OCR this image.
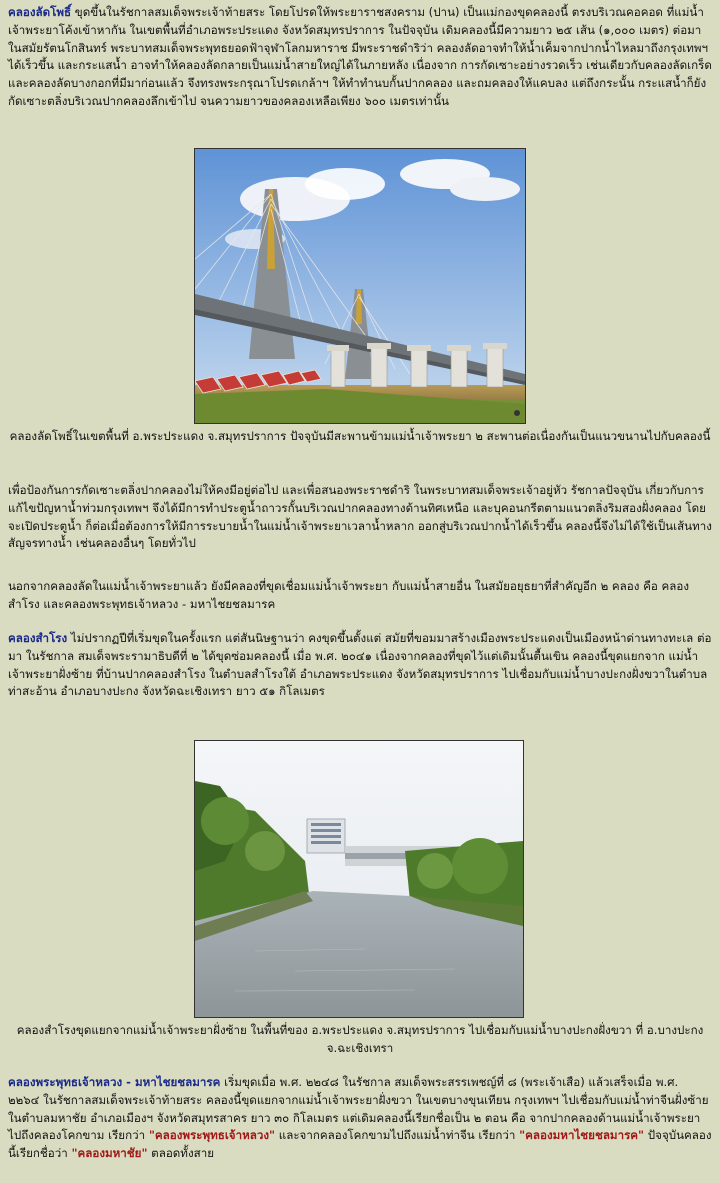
คลองลัดโพธิ์ ขุดขึ้นในรัชกาลสมเด็จพระเจ้าท้ายสระ โดยโปรดให้พระยาราชสงคราม (ปาน) เป็นแม่กองขุดคลองนี้ ตรงบริเวณคอคอด ที่แม่น้ำเจ้าพระยาโค้งเข้าหากัน ในเขตพื้นที่อำเภอพระประแดง จังหวัดสมุทรปราการ ในปัจจุบัน เดิมคลองนี้มีความยาว ๒๕ เส้น (๑,๐๐๐ เมตร) ต่อมา ในสมัยรัตนโกสินทร์ พระบาทสมเด็จพระพุทธยอดฟ้าจุฬาโลกมหาราช มีพระราชดำริว่า คลองลัดอาจทำให้น้ำเค็มจากปากน้ำไหลมาถึงกรุงเทพฯ ได้เร็วขึ้น และกระแสน้ำ อาจทำให้คลองลัดกลายเป็นแม่น้ำสายใหญ่ได้ในภายหลัง เนื่องจาก การกัดเซาะอย่างรวดเร็ว เช่นเดียวกับคลองลัดเกร็ด และคลองลัดบางกอกที่มีมาก่อนแล้ว จึงทรงพระกรุณาโปรดเกล้าฯ ให้ทำทำนบกั้นปากคลอง และถมคลองให้แคบลง แต่ถึงกระนั้น กระแสน้ำก็ยังกัดเซาะตลิ่งบริเวณปากคลองลึกเข้าไป จนความยาวของคลองเหลือเพียง ๖๐๐ เมตรเท่านั้น

คลองลัดโพธิ์ในเขตพื้นที่ อ.พระประแดง จ.สมุทรปราการ ปัจจุบันมีสะพานข้ามแม่น้ำเจ้าพระยา ๒ สะพานต่อเนื่องกันเป็นแนวขนานไปกับคลองนี้

เพื่อป้องกันการกัดเซาะตลิ่งปากคลองไม่ให้คงมีอยู่ต่อไป และเพื่อสนองพระราชดำริ ในพระบาทสมเด็จพระเจ้าอยู่หัว รัชกาลปัจจุบัน เกี่ยวกับการแก้ไขปัญหาน้ำท่วมกรุงเทพฯ จึงได้มีการทำประตูน้ำถาวรกั้นบริเวณปากคลองทางด้านทิศเหนือ และบุคอนกรีตตามแนวตลิ่งริมสองฝั่งคลอง โดยจะเปิดประตูน้ำ ก็ต่อเมื่อต้องการให้มีการระบายน้ำในแม่น้ำเจ้าพระยาเวลาน้ำหลาก ออกสู่บริเวณปากน้ำได้เร็วขึ้น คลองนี้จึงไม่ได้ใช้เป็นเส้นทางสัญจรทางน้ำ เช่นคลองอื่นๆ โดยทั่วไป

นอกจากคลองลัดในแม่น้ำเจ้าพระยาแล้ว ยังมีคลองที่ขุดเชื่อมแม่น้ำเจ้าพระยา กับแม่น้ำสายอื่น ในสมัยอยุธยาที่สำคัญอีก ๒ คลอง คือ คลองสำโรง และคลองพระพุทธเจ้าหลวง - มหาไชยชลมารค

คลองสำโรง ไม่ปรากฏปีที่เริ่มขุดในครั้งแรก แต่สันนิษฐานว่า คงขุดขึ้นตั้งแต่ สมัยที่ขอมมาสร้างเมืองพระประแดงเป็นเมืองหน้าด่านทางทะเล ต่อมา ในรัชกาล สมเด็จพระรามาธิบดีที่ ๒ ได้ขุดซ่อมคลองนี้ เมื่อ พ.ศ. ๒๐๔๑ เนื่องจากคลองที่ขุดไว้แต่เดิมนั้นตื้นเขิน คลองนี้ขุดแยกจาก แม่น้ำเจ้าพระยาฝั่งซ้าย ที่บ้านปากคลองสำโรง ในตำบลสำโรงใต้ อำเภอพระประแดง จังหวัดสมุทรปราการ ไปเชื่อมกับแม่น้ำบางปะกงฝั่งขวาในตำบลท่าสะอ้าน อำเภอบางปะกง จังหวัดฉะเชิงเทรา ยาว ๕๑ กิโลเมตร

คลองสำโรงขุดแยกจากแม่น้ำเจ้าพระยาฝั่งซ้าย ในพื้นที่ของ อ.พระประแดง จ.สมุทรปราการ ไปเชื่อมกับแม่น้ำบางปะกงฝั่งขวา ที่ อ.บางปะกง จ.ฉะเชิงเทรา

คลองพระพุทธเจ้าหลวง - มหาไชยชลมารค เริ่มขุดเมื่อ พ.ศ. ๒๒๔๘ ในรัชกาล สมเด็จพระสรรเพชญ์ที่ ๘ (พระเจ้าเสือ) แล้วเสร็จเมื่อ พ.ศ. ๒๒๖๔ ในรัชกาลสมเด็จพระเจ้าท้ายสระ คลองนี้ขุดแยกจากแม่น้ำเจ้าพระยาฝั่งขวา ในเขตบางขุนเทียน กรุงเทพฯ ไปเชื่อมกับแม่น้ำท่าจีนฝั่งซ้าย ในตำบลมหาชัย อำเภอเมืองฯ จังหวัดสมุทรสาคร ยาว ๓๐ กิโลเมตร แต่เดิมคลองนี้เรียกชื่อเป็น ๒ ตอน คือ จากปากคลองด้านแม่น้ำเจ้าพระยาไปถึงคลองโคกขาม เรียกว่า "คลองพระพุทธเจ้าหลวง" และจากคลองโคกขามไปถึงแม่น้ำท่าจีน เรียกว่า "คลองมหาไชยชลมารค" ปัจจุบันคลองนี้เรียกชื่อว่า "คลองมหาชัย" ตลอดทั้งสาย
